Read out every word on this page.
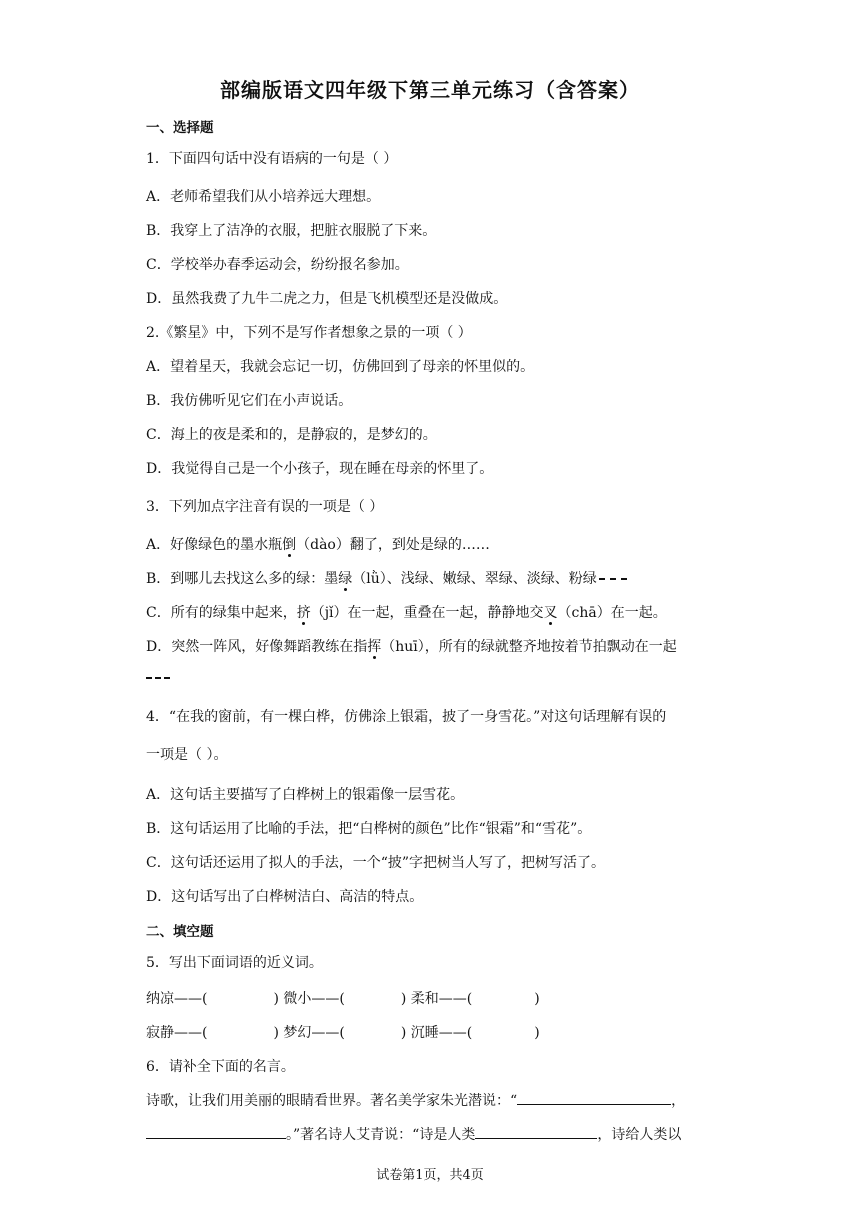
部编版语文四年级下第三单元练习（含答案）
一、选择题
1．下面四句话中没有语病的一句是（ ）
A．老师希望我们从小培养远大理想。
B．我穿上了洁净的衣服，把脏衣服脱了下来。
C．学校举办春季运动会，纷纷报名参加。
D．虽然我费了九牛二虎之力，但是飞机模型还是没做成。
2.《繁星》中，下列不是写作者想象之景的一项（ ）
A．望着星天，我就会忘记一切，仿佛回到了母亲的怀里似的。
B．我仿佛听见它们在小声说话。
C．海上的夜是柔和的，是静寂的，是梦幻的。
D．我觉得自己是一个小孩子，现在睡在母亲的怀里了。
3．下列加点字注音有误的一项是（ ）
A．好像绿色的墨水瓶倒（dào）翻了，到处是绿的……
B．到哪儿去找这么多的绿：墨绿（lǜ）、浅绿、嫩绿、翠绿、淡绿、粉绿
C．所有的绿集中起来，挤（jǐ）在一起，重叠在一起，静静地交叉（chā）在一起。
D．突然一阵风，好像舞蹈教练在指挥（huī），所有的绿就整齐地按着节拍飘动在一起
4．“在我的窗前，有一棵白桦，仿佛涂上银霜，披了一身雪花。”对这句话理解有误的
一项是（ ）。
A．这句话主要描写了白桦树上的银霜像一层雪花。
B．这句话运用了比喻的手法，把“白桦树的颜色”比作“银霜”和“雪花”。
C．这句话还运用了拟人的手法，一个“披”字把树当人写了，把树写活了。
D．这句话写出了白桦树洁白、高洁的特点。
二、填空题
5．写出下面词语的近义词。
纳凉——(	) 微小——(	) 柔和——(	)
寂静——(	) 梦幻——(	) 沉睡——(	)
6．请补全下面的名言。
诗歌，让我们用美丽的眼睛看世界。著名美学家朱光潜说：“	，
。”著名诗人艾青说：“诗是人类	，诗给人类以
试卷第1页，共4页
